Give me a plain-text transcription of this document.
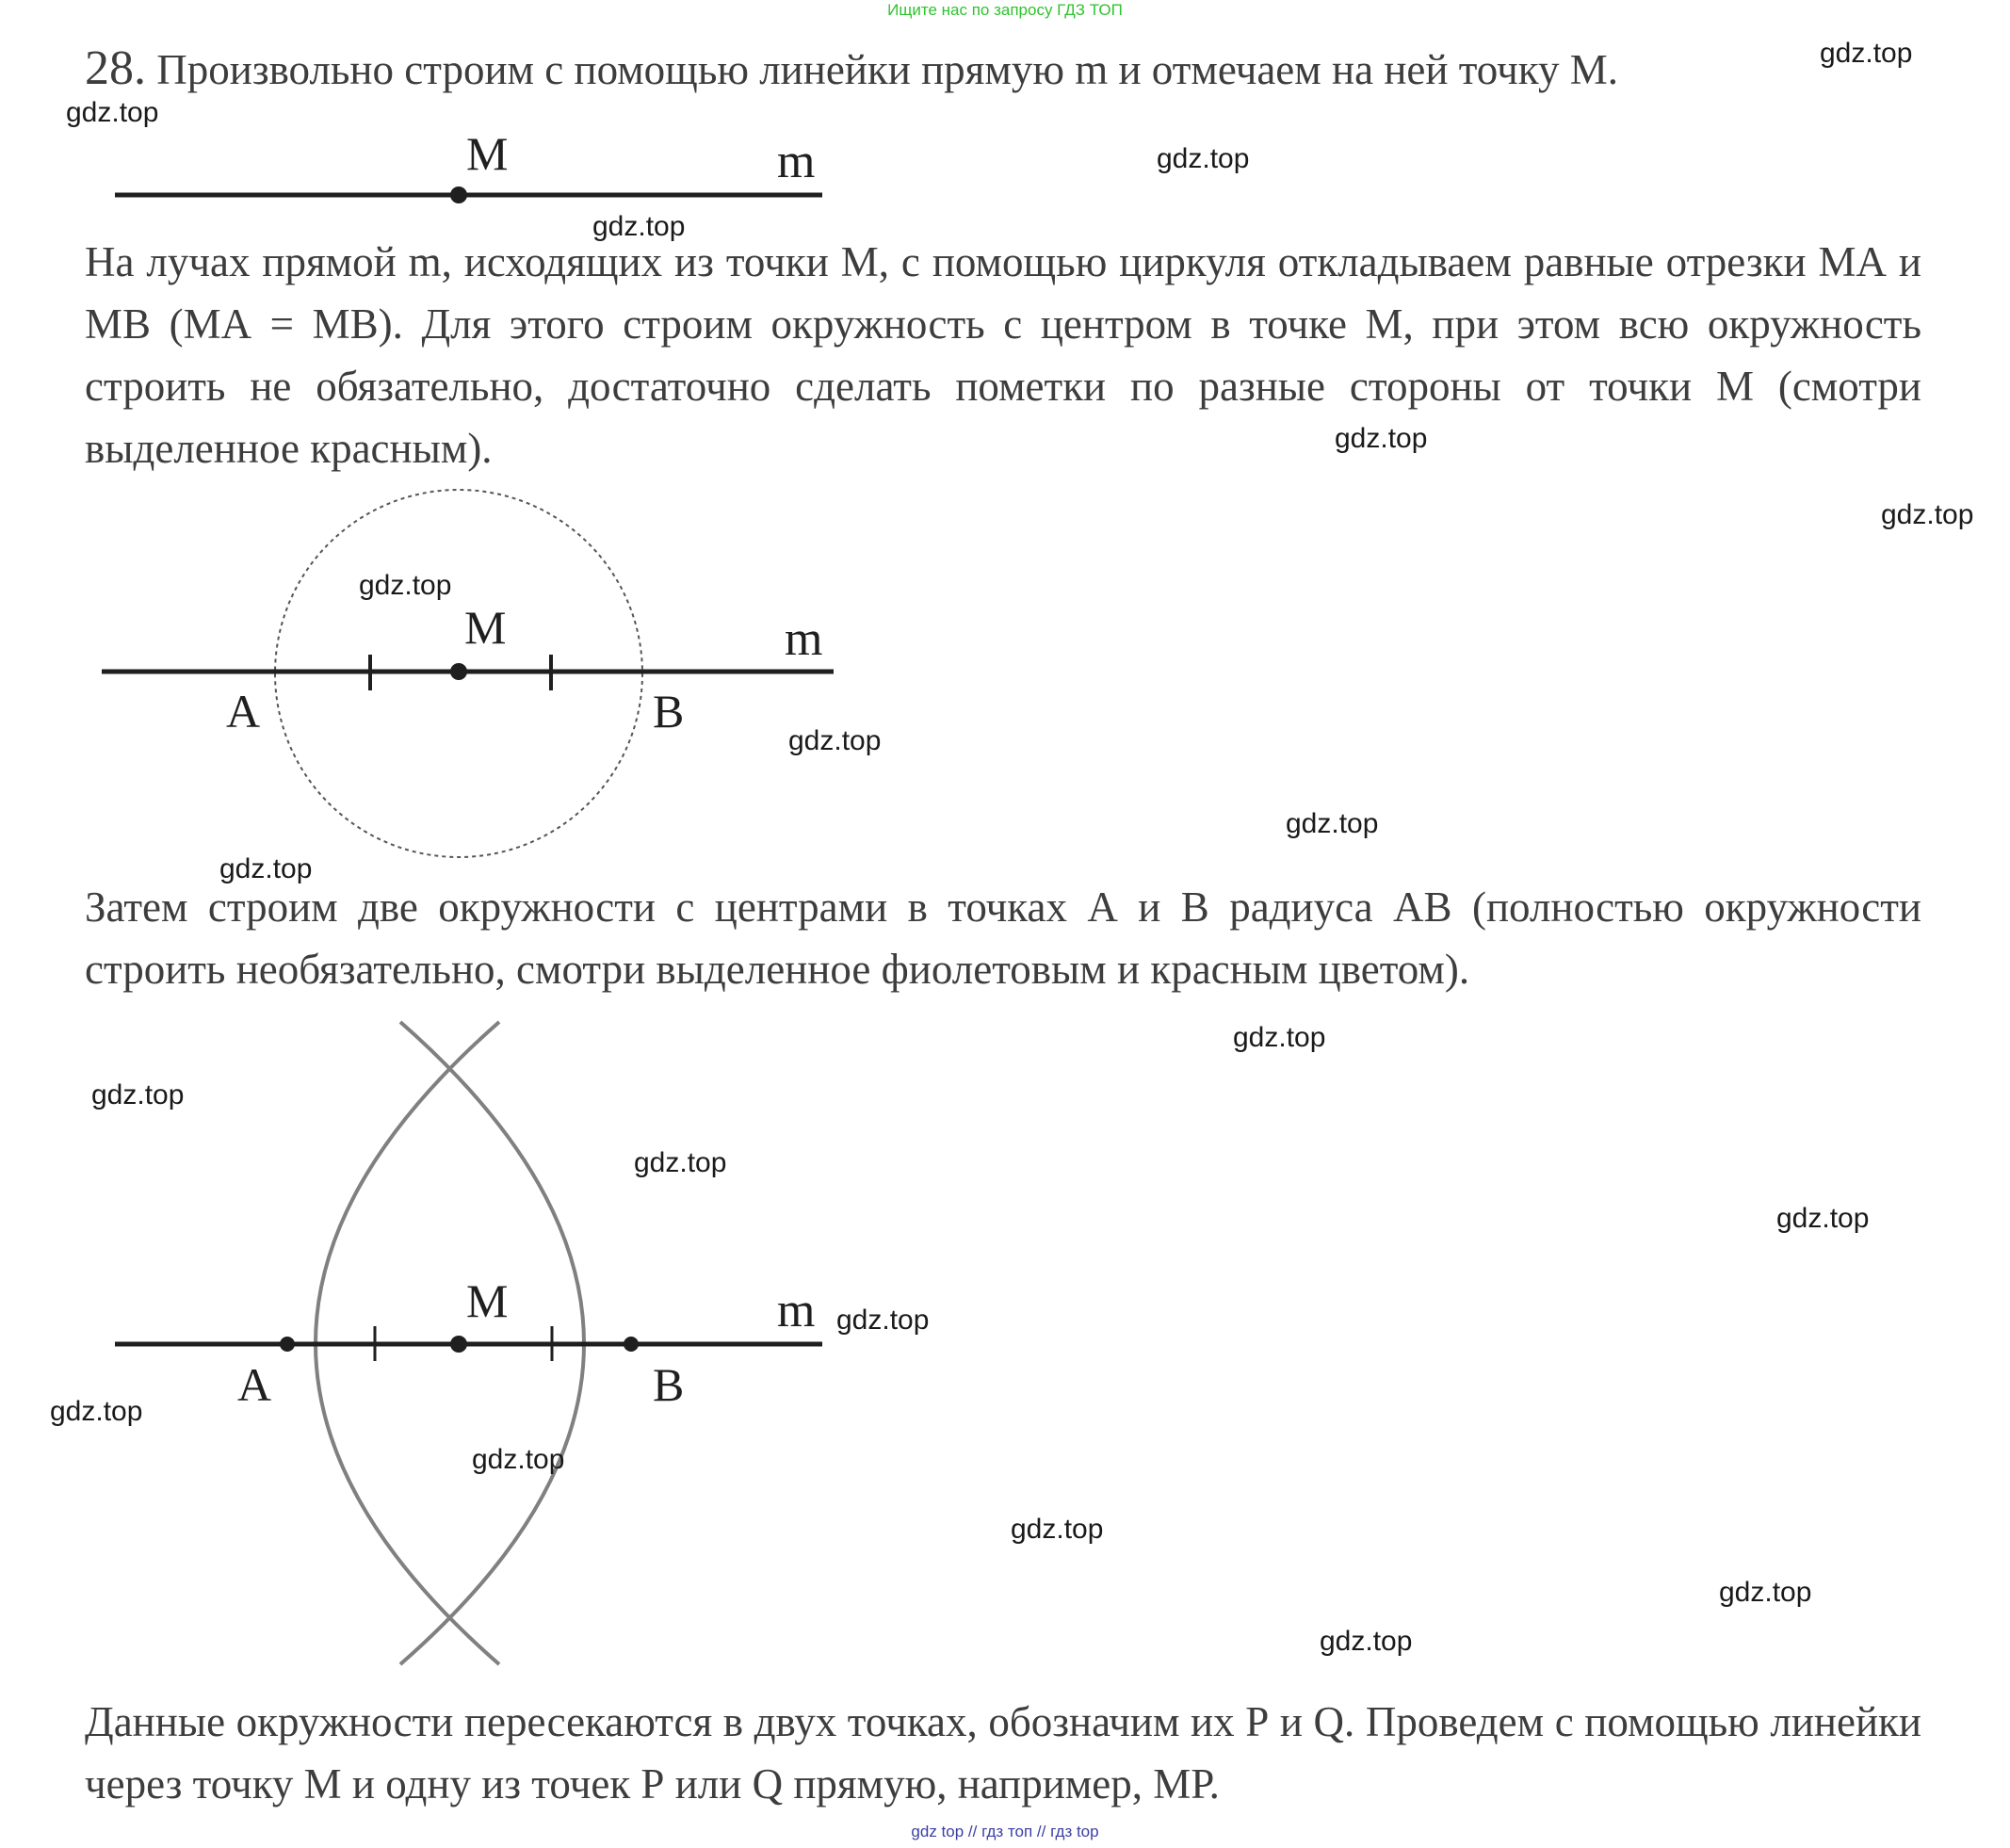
Ищите нас по запросу ГДЗ ТОП
28. Произвольно строим с помощью линейки прямую m и отмечаем на ней точку М.
M	m
На лучах прямой m, исходящих из точки М, с помощью циркуля откладываем равные отрезки МА и МВ (МА = МВ). Для этого строим окружность с центром в точке М, при этом всю окружность строить не обязательно, достаточно сделать пометки по разные стороны от точки М (смотри выделенное красным).
M	m
A	B
Затем строим две окружности с центрами в точках А и В радиуса АВ (полностью окружности строить необязательно, смотри выделенное фиолетовым и красным цветом).
M	m
A	B
Данные окружности пересекаются в двух точках, обозначим их Р и Q. Проведем с помощью линейки через точку М и одну из точек Р или Q прямую, например, МР.
gdz.top
gdz.top
gdz.top
gdz.top
gdz.top
gdz.top
gdz.top
gdz.top
gdz.top
gdz.top
gdz.top
gdz.top
gdz.top
gdz.top
gdz.top
gdz.top
gdz.top
gdz.top
gdz.top
gdz.top
gdz top // гдз топ // гдз top
